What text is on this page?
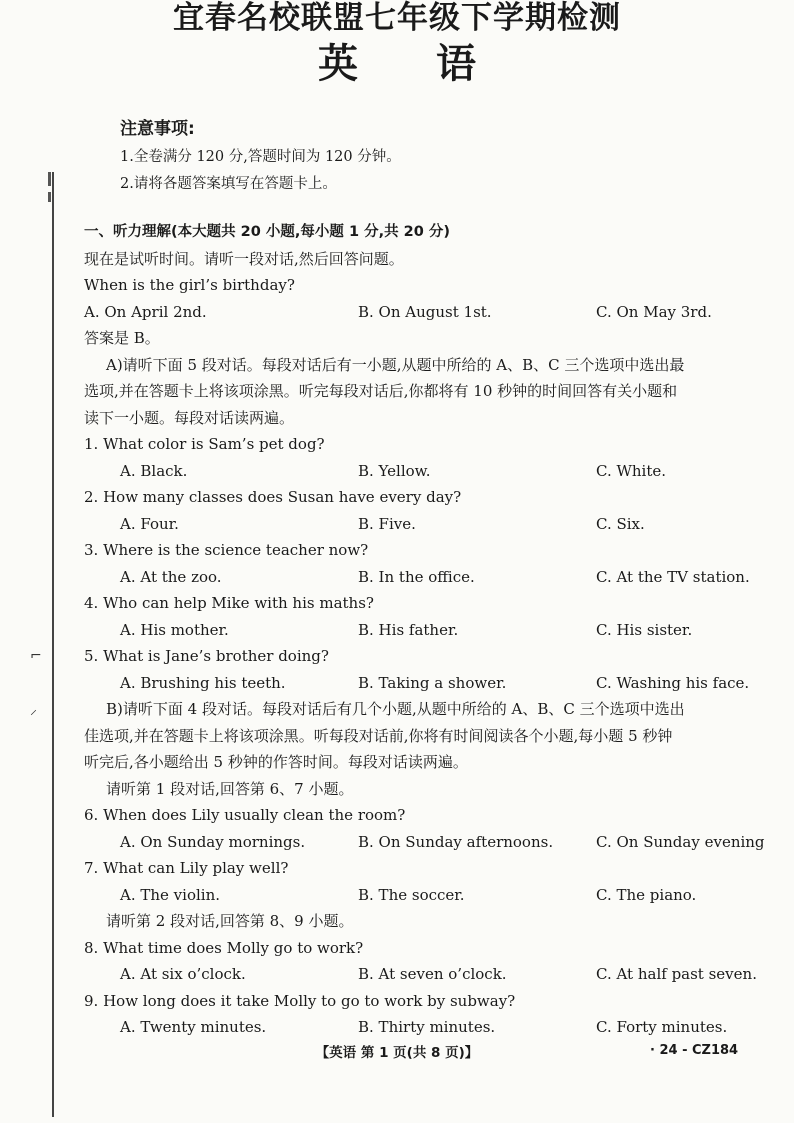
宜春名校联盟七年级下学期检测
英语
⌐
⸝
注意事项:
1.全卷满分 120 分,答题时间为 120 分钟。
2.请将各题答案填写在答题卡上。
一、听力理解(本大题共 20 小题,每小题 1 分,共 20 分)
现在是试听时间。请听一段对话,然后回答问题。
When is the girl’s birthday?
A. On April 2nd.	B. On August 1st.	C. On May 3rd.
答案是 B。
A)请听下面 5 段对话。每段对话后有一小题,从题中所给的 A、B、C 三个选项中选出最
选项,并在答题卡上将该项涂黑。听完每段对话后,你都将有 10 秒钟的时间回答有关小题和
读下一小题。每段对话读两遍。
1. What color is Sam’s pet dog?
A. Black.	B. Yellow.	C. White.
2. How many classes does Susan have every day?
A. Four.	B. Five.	C. Six.
3. Where is the science teacher now?
A. At the zoo.	B. In the office.	C. At the TV station.
4. Who can help Mike with his maths?
A. His mother.	B. His father.	C. His sister.
5. What is Jane’s brother doing?
A. Brushing his teeth.	B. Taking a shower.	C. Washing his face.
B)请听下面 4 段对话。每段对话后有几个小题,从题中所给的 A、B、C 三个选项中选出
佳选项,并在答题卡上将该项涂黑。听每段对话前,你将有时间阅读各个小题,每小题 5 秒钟
听完后,各小题给出 5 秒钟的作答时间。每段对话读两遍。
请听第 1 段对话,回答第 6、7 小题。
6. When does Lily usually clean the room?
A. On Sunday mornings.	B. On Sunday afternoons.	C. On Sunday evening
7. What can Lily play well?
A. The violin.	B. The soccer.	C. The piano.
请听第 2 段对话,回答第 8、9 小题。
8. What time does Molly go to work?
A. At six o’clock.	B. At seven o’clock.	C. At half past seven.
9. How long does it take Molly to go to work by subway?
A. Twenty minutes.	B. Thirty minutes.	C. Forty minutes.
【英语 第 1 页(共 8 页)】	· 24 - CZ184
